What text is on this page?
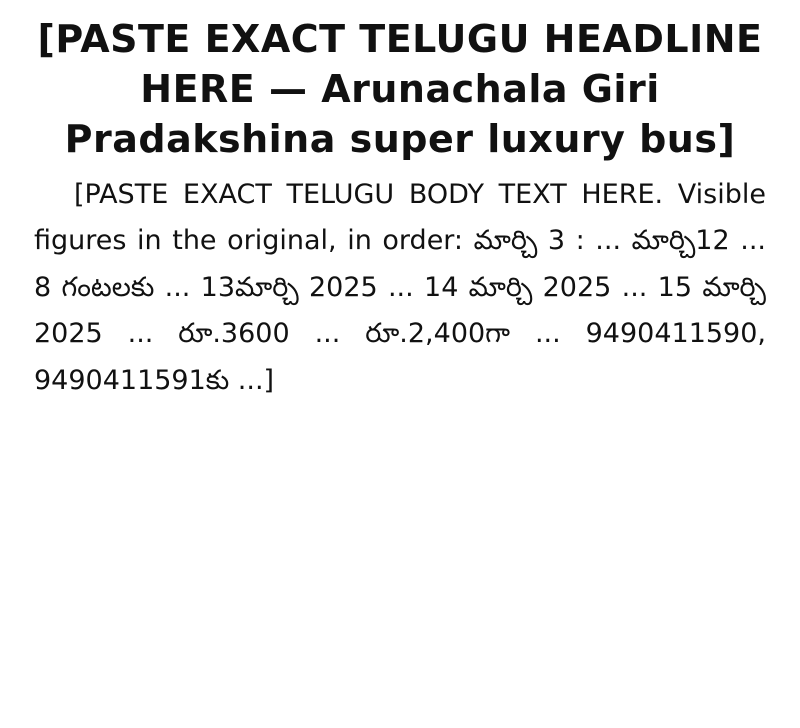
[PASTE EXACT TELUGU HEADLINE HERE — Arunachala Giri Pradakshina super luxury bus]

[PASTE EXACT TELUGU BODY TEXT HERE. Visible figures in the original, in order: మార్చి 3 : ... మార్చి12 ... 8 గంటలకు ... 13మార్చి 2025 ... 14 మార్చి 2025 ... 15 మార్చి 2025 ... రూ.3600 ... రూ.2,400గా ... 9490411590, 9490411591కు ...]
